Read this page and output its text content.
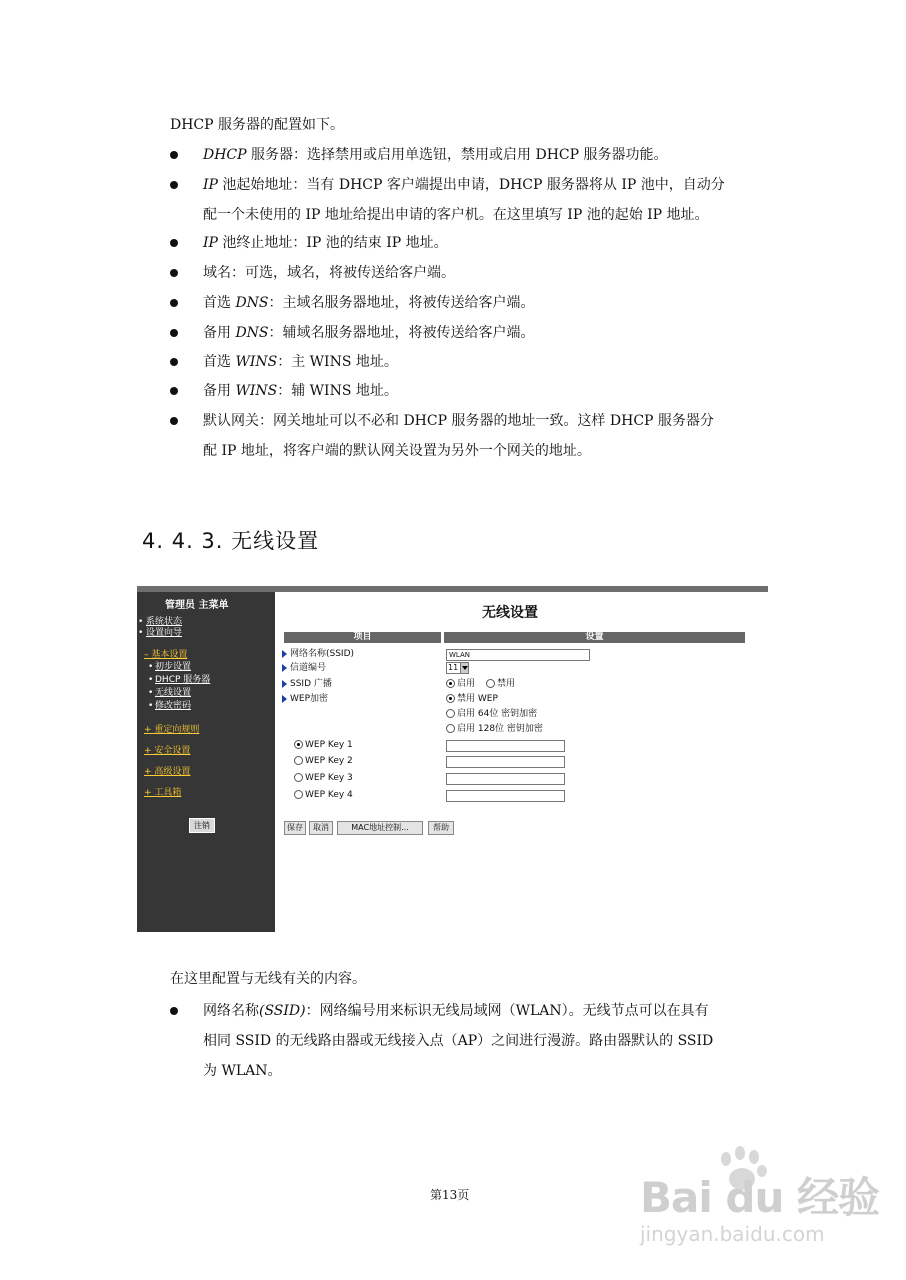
DHCP 服务器的配置如下。
DHCP 服务器：选择禁用或启用单选钮，禁用或启用 DHCP 服务器功能。
IP 池起始地址：当有 DHCP 客户端提出申请，DHCP 服务器将从 IP 池中，自动分
配一个未使用的 IP 地址给提出申请的客户机。在这里填写 IP 池的起始 IP 地址。
IP 池终止地址：IP 池的结束 IP 地址。
域名：可选，域名，将被传送给客户端。
首选 DNS：主域名服务器地址，将被传送给客户端。
备用 DNS：辅域名服务器地址，将被传送给客户端。
首选 WINS：主 WINS 地址。
备用 WINS：辅 WINS 地址。
默认网关：网关地址可以不必和 DHCP 服务器的地址一致。这样 DHCP 服务器分
配 IP 地址，将客户端的默认网关设置为另外一个网关的地址。
4. 4. 3. 无线设置
管理员 主菜单
• 系统状态
• 设置向导
– 基本设置
• 初步设置
• DHCP 服务器
• 无线设置
• 修改密码
+ 重定向规则
+ 安全设置
+ 高级设置
+ 工具箱
注销
无线设置
项目	设置
网络名称(SSID)	WLAN
信道编号	11
SSID 广播	启用	禁用
WEP加密	禁用 WEP
启用 64位 密钥加密
启用 128位 密钥加密
WEP Key 1
WEP Key 2
WEP Key 3
WEP Key 4
保存	取消	MAC地址控制...	帮助
在这里配置与无线有关的内容。
网络名称(SSID)：网络编号用来标识无线局域网（WLAN）。无线节点可以在具有
相同 SSID 的无线路由器或无线接入点（AP）之间进行漫游。路由器默认的 SSID
为 WLAN。
第13页	Bai du 经验
jingyan.baidu.com
